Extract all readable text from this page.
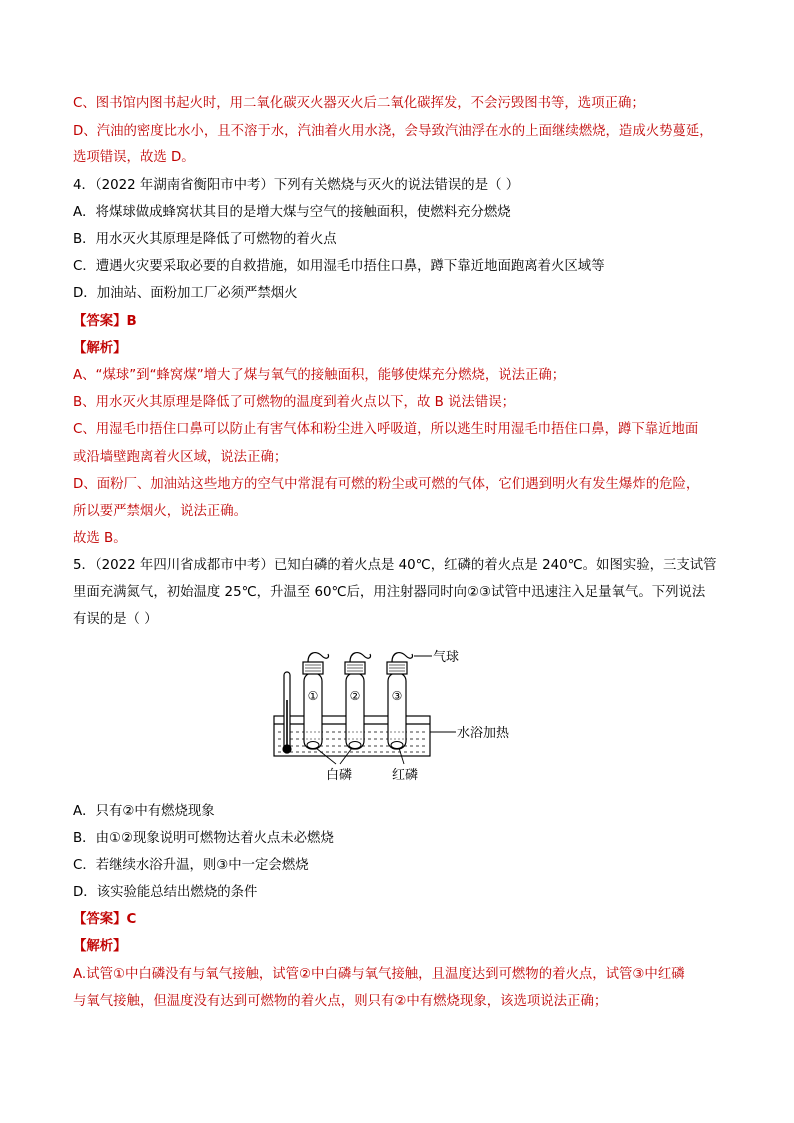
C、图书馆内图书起火时，用二氧化碳灭火器灭火后二氧化碳挥发，不会污毁图书等，选项正确；
D、汽油的密度比水小，且不溶于水，汽油着火用水浇，会导致汽油浮在水的上面继续燃烧，造成火势蔓延，
选项错误，故选 D。
4．（2022 年湖南省衡阳市中考）下列有关燃烧与灭火的说法错误的是（ ）
A．将煤球做成蜂窝状其目的是增大煤与空气的接触面积，使燃料充分燃烧
B．用水灭火其原理是降低了可燃物的着火点
C．遭遇火灾要采取必要的自救措施，如用湿毛巾捂住口鼻，蹲下靠近地面跑离着火区域等
D．加油站、面粉加工厂必须严禁烟火
【答案】B
【解析】
A、“煤球”到“蜂窝煤”增大了煤与氧气的接触面积，能够使煤充分燃烧，说法正确；
B、用水灭火其原理是降低了可燃物的温度到着火点以下，故 B 说法错误；
C、用湿毛巾捂住口鼻可以防止有害气体和粉尘进入呼吸道，所以逃生时用湿毛巾捂住口鼻，蹲下靠近地面
或沿墙壁跑离着火区域，说法正确；
D、面粉厂、加油站这些地方的空气中常混有可燃的粉尘或可燃的气体，它们遇到明火有发生爆炸的危险，
所以要严禁烟火，说法正确。
故选 B。
5．（2022 年四川省成都市中考）已知白磷的着火点是 40℃，红磷的着火点是 240℃。如图实验，三支试管
里面充满氮气，初始温度 25℃，升温至 60℃后，用注射器同时向②③试管中迅速注入足量氧气。下列说法
有误的是（ ）
①	②	③
气球
水浴加热
白磷	红磷
A．只有②中有燃烧现象
B．由①②现象说明可燃物达着火点未必燃烧
C．若继续水浴升温，则③中一定会燃烧
D．该实验能总结出燃烧的条件
【答案】C
【解析】
A.试管①中白磷没有与氧气接触，试管②中白磷与氧气接触，且温度达到可燃物的着火点，试管③中红磷
与氧气接触，但温度没有达到可燃物的着火点，则只有②中有燃烧现象，该选项说法正确；
